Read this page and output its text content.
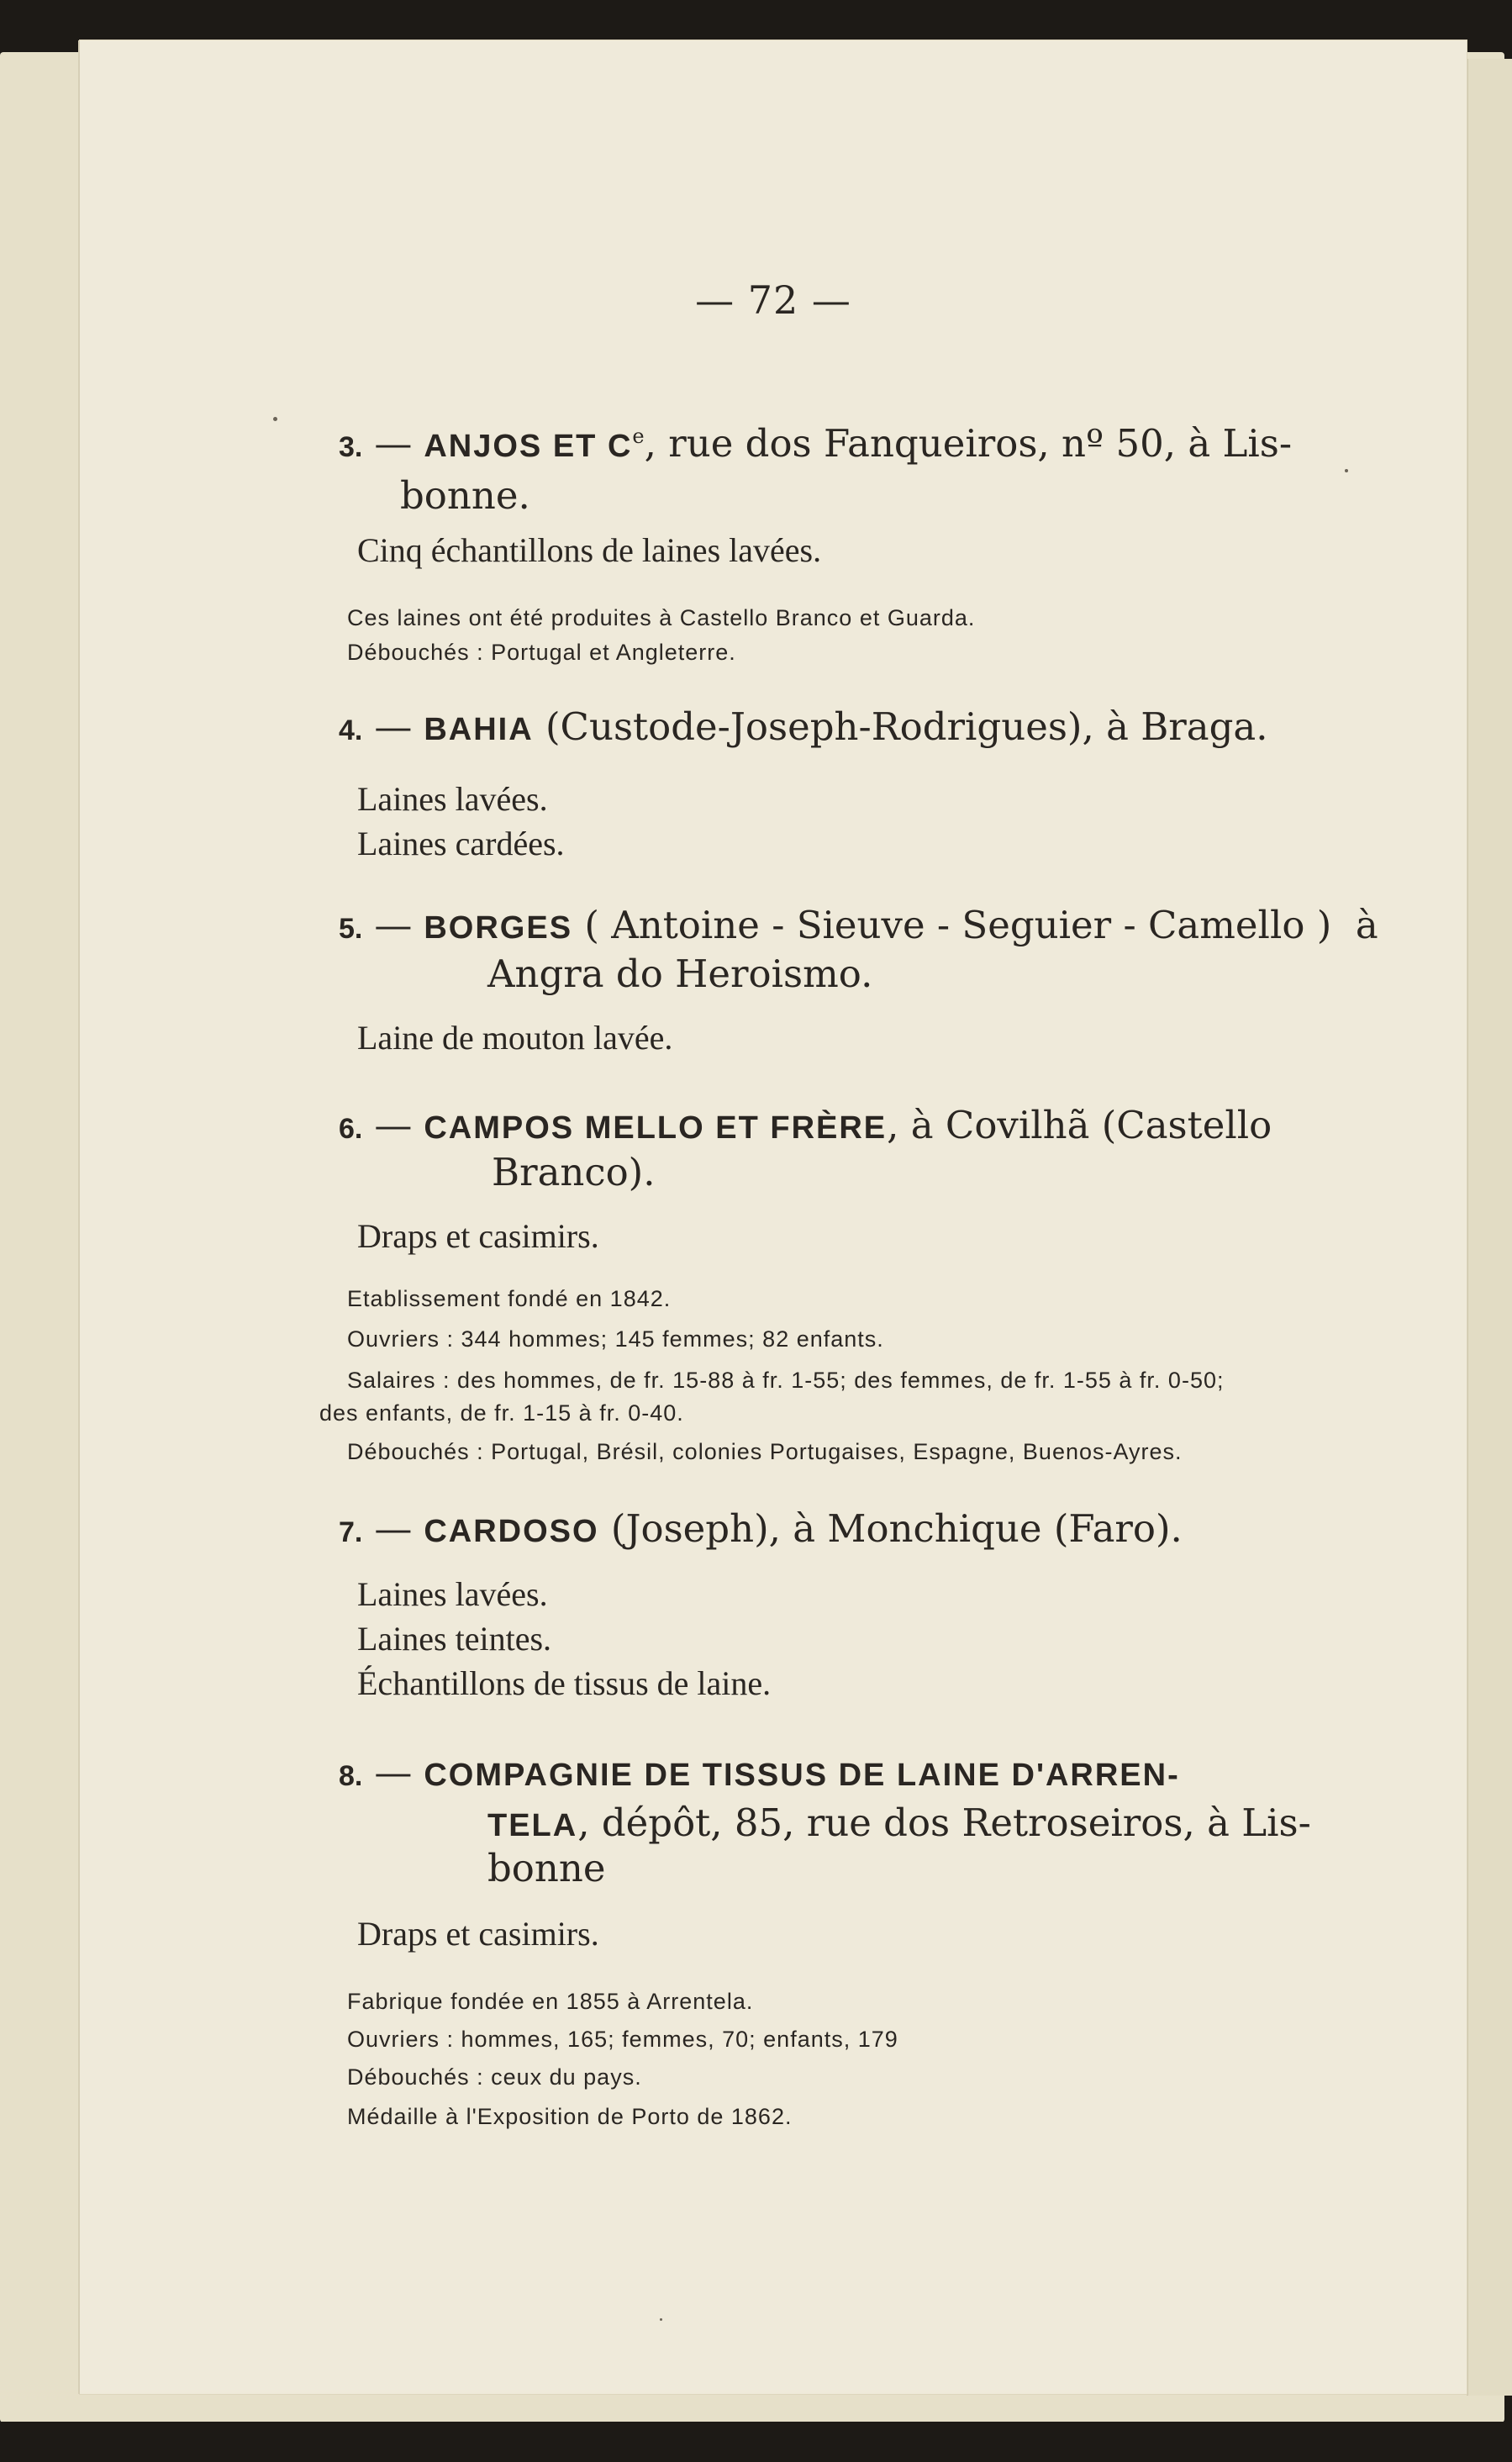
— 72 —
3. — ANJOS ET Ce, rue dos Fanqueiros, nº 50, à Lis-
bonne.
Cinq échantillons de laines lavées.
Ces laines ont été produites à Castello Branco et Guarda.
Débouchés : Portugal et Angleterre.
4. — BAHIA (Custode-Joseph-Rodrigues), à Braga.
Laines lavées.
Laines cardées.
5. — BORGES ( Antoine - Sieuve - Seguier - Camello )  à
Angra do Heroismo.
Laine de mouton lavée.
6. — CAMPOS MELLO ET FRÈRE, à Covilhã (Castello
Branco).
Draps et casimirs.
Etablissement fondé en 1842.
Ouvriers : 344 hommes; 145 femmes; 82 enfants.
Salaires : des hommes, de fr. 15-88 à fr. 1-55; des femmes, de fr. 1-55 à fr. 0-50;
des enfants, de fr. 1-15 à fr. 0-40.
Débouchés : Portugal, Brésil, colonies Portugaises, Espagne, Buenos-Ayres.
7. — CARDOSO (Joseph), à Monchique (Faro).
Laines lavées.
Laines teintes.
Échantillons de tissus de laine.
8. — COMPAGNIE DE TISSUS DE LAINE D'ARREN-
TELA, dépôt, 85, rue dos Retroseiros, à Lis-
bonne
Draps et casimirs.
Fabrique fondée en 1855 à Arrentela.
Ouvriers : hommes, 165; femmes, 70; enfants, 179
Débouchés : ceux du pays.
Médaille à l'Exposition de Porto de 1862.
